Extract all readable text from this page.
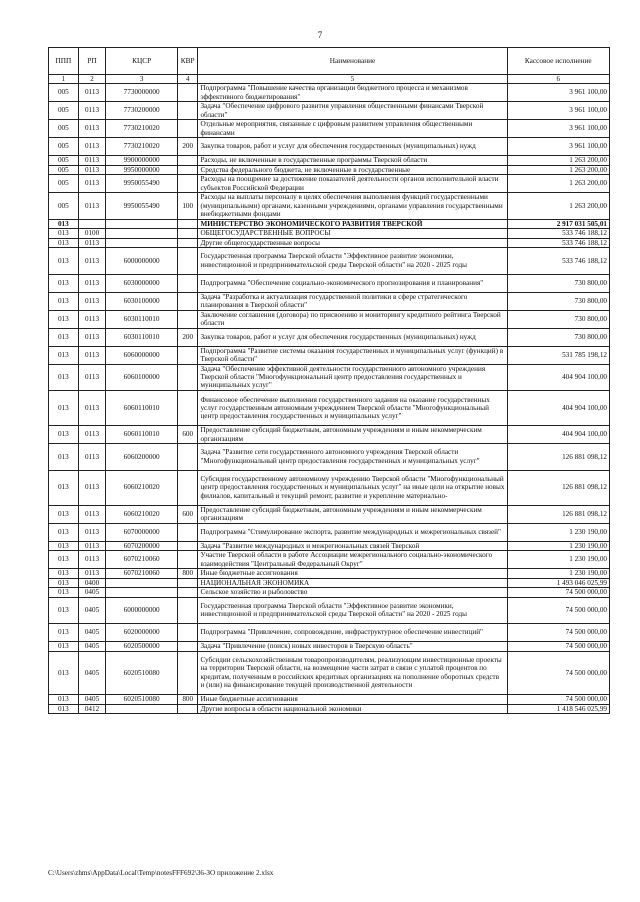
7
ППП	РП	КЦСР	КВР	Наименование	Кассовое исполнение
1	2	3	4	5	6
005	0113	7730000000		Подпрограмма "Повышение качества организации бюджетного процесса и механизмов эффективного бюджетирования"	3 961 100,00
005	0113	7730200000		Задача "Обеспечение цифрового развития управления общественными финансами Тверской области"	3 961 100,00
005	0113	7730210020		Отдельные мероприятия, связанные с цифровым развитием управления общественными финансами	3 961 100,00
005	0113	7730210020	200	Закупка товаров, работ и услуг для обеспечения государственных (муниципальных) нужд	3 961 100,00
005	0113	9900000000		Расходы, не включенные в государственные программы Тверской области	1 263 200,00
005	0113	9950000000		Средства федерального бюджета, не включенные в государственные	1 263 200,00
005	0113	9950055490		Расходы на поощрение за достижение показателей деятельности органов исполнительной власти субъектов Российской Федерации	1 263 200,00
005	0113	9950055490	100	Расходы на выплаты персоналу в целях обеспечения выполнения функций государственными (муниципальными) органами, казенными учреждениями, органами управления государственными внебюджетными фондами	1 263 200,00
013				МИНИСТЕРСТВО ЭКОНОМИЧЕСКОГО РАЗВИТИЯ ТВЕРСКОЙ	2 917 031 505,01
013	0100			ОБЩЕГОСУДАРСТВЕННЫЕ ВОПРОСЫ	533 746 188,12
013	0113			Другие общегосударственные вопросы	533 746 188,12
013	0113	6000000000		Государственная программа Тверской области "Эффективное развитие экономики, инвестиционной и предпринимательской среды Тверской области" на 2020 - 2025 годы	533 746 188,12
013	0113	6030000000		Подпрограмма "Обеспечение социально-экономического прогнозирования и планирования"	730 800,00
013	0113	6030100000		Задача "Разработка и актуализация государственной политики в сфере стратегического планирования в Тверской области"	730 800,00
013	0113	6030110010		Заключение соглашения (договора) по присвоению и мониторингу кредитного рейтинга Тверской области	730 800,00
013	0113	6030110010	200	Закупка товаров, работ и услуг для обеспечения государственных (муниципальных) нужд	730 800,00
013	0113	6060000000		Подпрограмма "Развитие системы оказания государственных и муниципальных услуг (функций) в Тверской области"	531 785 198,12
013	0113	6060100000		Задача "Обеспечение эффективной деятельности государственного автономного учреждения Тверской области "Многофункциональный центр предоставления государственных и муниципальных услуг"	404 904 100,00
013	0113	6060110010		Финансовое обеспечение выполнения государственного задания на оказание государственных услуг государственным автономным учреждением Тверской области "Многофункциональный центр предоставления государственных и муниципальных услуг"	404 904 100,00
013	0113	6060110010	600	Предоставление субсидий бюджетным, автономным учреждениям и иным некоммерческим организациям	404 904 100,00
013	0113	6060200000		Задача "Развитие сети государственного автономного учреждения Тверской области "Многофункциональный центр предоставления государственных и муниципальных услуг"	126 881 098,12
013	0113	6060210020		Субсидия государственному автономному учреждению Тверской области "Многофункциональный центр предоставления государственных и муниципальных услуг" на иные цели на открытие новых филиалов, капитальный и текущий ремонт, развитие и укрепление материально-	126 881 098,12
013	0113	6060210020	600	Предоставление субсидий бюджетным, автономным учреждениям и иным некоммерческим организациям	126 881 098,12
013	0113	6070000000		Подпрограмма "Стимулирование экспорта, развитие международных и межрегиональных связей"	1 230 190,00
013	0113	6070200000		Задача "Развитие международных и межрегиональных связей Тверской	1 230 190,00
013	0113	6070210060		Участие Тверской области в работе Ассоциации межрегионального социально-экономического взаимодействия "Центральный Федеральный Округ"	1 230 190,00
013	0113	6070210060	800	Иные бюджетные ассигнования	1 230 190,00
013	0400			НАЦИОНАЛЬНАЯ ЭКОНОМИКА	1 493 046 025,99
013	0405			Сельское хозяйство и рыболовство	74 500 000,00
013	0405	6000000000		Государственная программа Тверской области "Эффективное развитие экономики, инвестиционной и предпринимательской среды Тверской области" на 2020 - 2025 годы	74 500 000,00
013	0405	6020000000		Подпрограмма "Привлечение, сопровождение, инфраструктурное обеспечение инвестиций"	74 500 000,00
013	0405	6020500000		Задача "Привлечение (поиск) новых инвесторов в Тверскую область"	74 500 000,00
013	0405	6020510080		Субсидии сельскохозяйственным товаропроизводителям, реализующим инвестиционные проекты на территории Тверской области, на возмещение части затрат в связи с уплатой процентов по кредитам, полученным в российских кредитных организациях на пополнение оборотных средств и (или) на финансирование текущей производственной деятельности	74 500 000,00
013	0405	6020510080	800	Иные бюджетные ассигнования	74 500 000,00
013	0412			Другие вопросы в области национальной экономики	1 418 546 025,99
C:\Users\zhms\AppData\Local\Temp\notesFFF692\36-ЗО приложение 2.xlsx
